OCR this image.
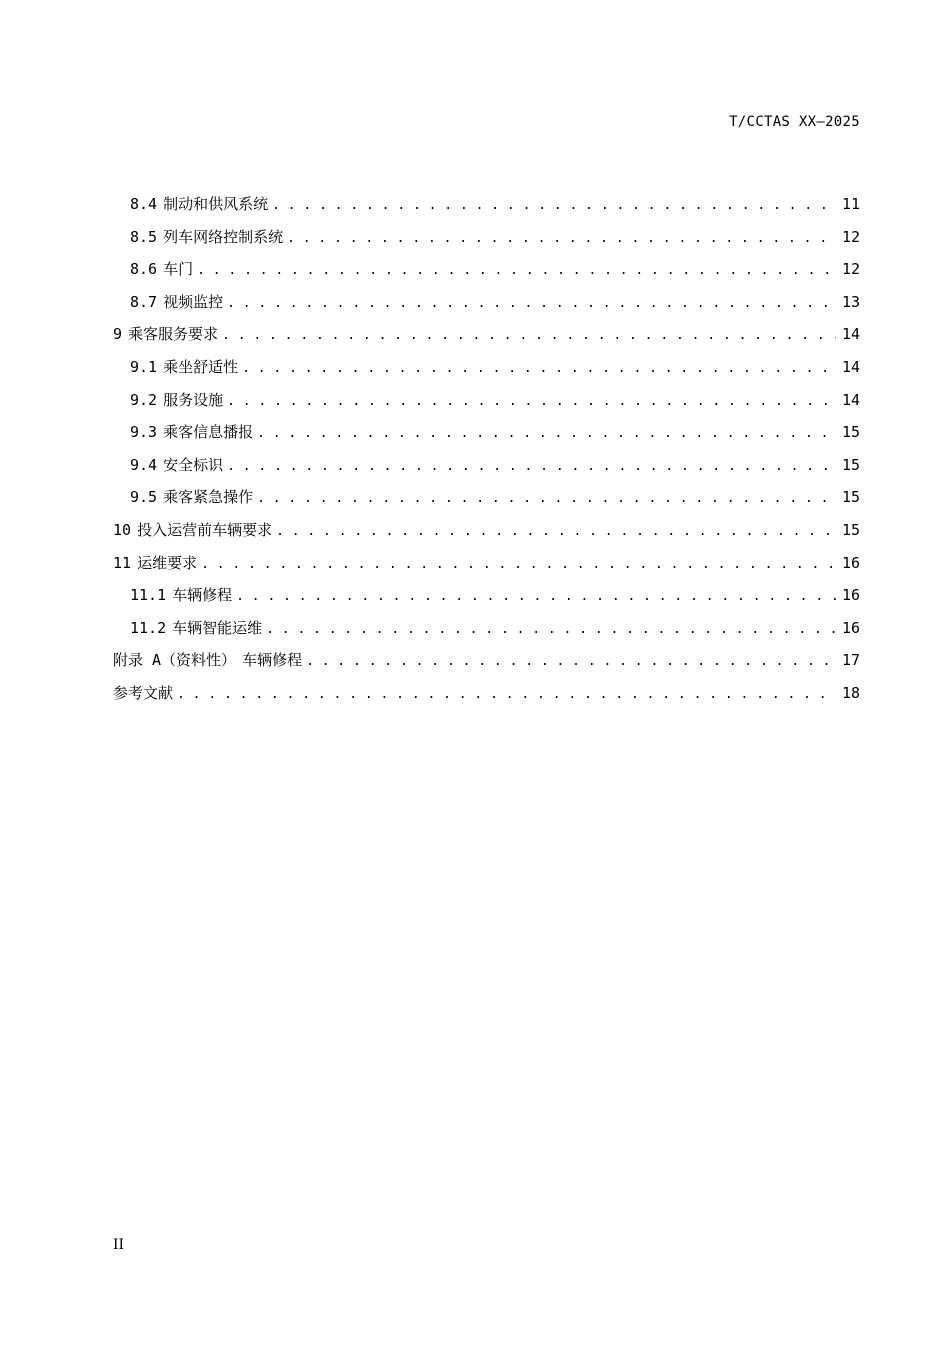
T/CCTAS XX—2025
8.4 制动和供风系统 . . .	11
8.5 列车网络控制系统 . . .	12
8.6 车门 . . .	12
8.7 视频监控 . . .	13
9 乘客服务要求 . . .	14
9.1 乘坐舒适性 . . .	14
9.2 服务设施 . . .	14
9.3 乘客信息播报 . . .	15
9.4 安全标识 . . .	15
9.5 乘客紧急操作 . . .	15
10 投入运营前车辆要求 . . .	15
11 运维要求 . . .	16
11.1 车辆修程 . . .	16
11.2 车辆智能运维 . . .	16
附录 A（资料性） 车辆修程 . . .	17
参考文献 . . .	18
II
